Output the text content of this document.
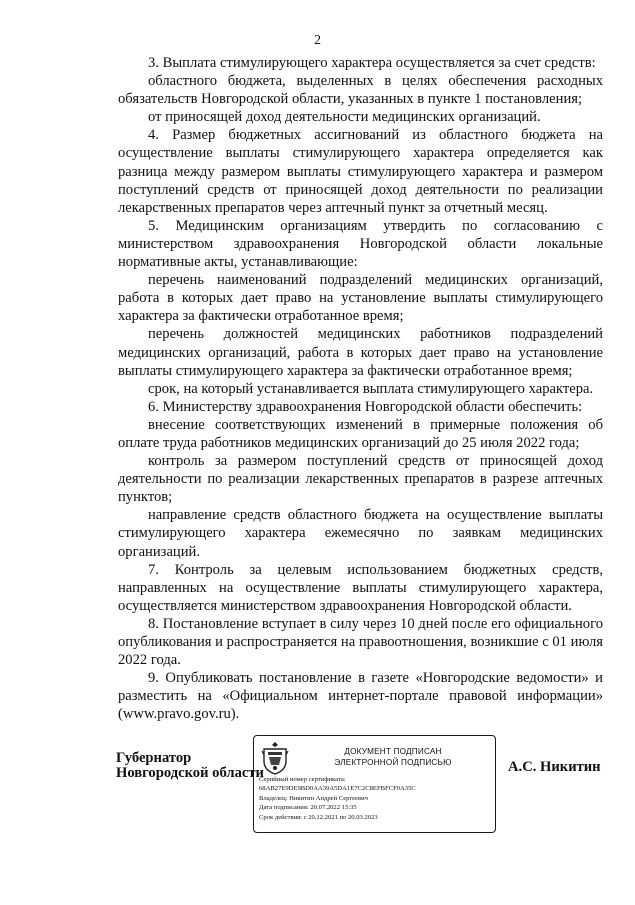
2

3. Выплата стимулирующего характера осуществляется за счет средств:

областного бюджета, выделенных в целях обеспечения расходных обязательств Новгородской области, указанных в пункте 1 постановления;

от приносящей доход деятельности медицинских организаций.

4. Размер бюджетных ассигнований из областного бюджета на осуществление выплаты стимулирующего характера определяется как разница между размером выплаты стимулирующего характера и размером поступлений средств от приносящей доход деятельности по реализации лекарственных препаратов через аптечный пункт за отчетный месяц.

5. Медицинским организациям утвердить по согласованию с министерством здравоохранения Новгородской области локальные нормативные акты, устанавливающие:

перечень наименований подразделений медицинских организаций, работа в которых дает право на установление выплаты стимулирующего характера за фактически отработанное время;

перечень должностей медицинских работников подразделений медицинских организаций, работа в которых дает право на установление выплаты стимулирующего характера за фактически отработанное время;

срок, на который устанавливается выплата стимулирующего характера.

6. Министерству здравоохранения Новгородской области обеспечить:

внесение соответствующих изменений в примерные положения об оплате труда работников медицинских организаций до 25 июля 2022 года;

контроль за размером поступлений средств от приносящей доход деятельности по реализации лекарственных препаратов в разрезе аптечных пунктов;

направление средств областного бюджета на осуществление выплаты стимулирующего характера ежемесячно по заявкам медицинских организаций.

7. Контроль за целевым использованием бюджетных средств, направленных на осуществление выплаты стимулирующего характера, осуществляется министерством здравоохранения Новгородской области.

8. Постановление вступает в силу через 10 дней после его официального опубликования и распространяется на правоотношения, возникшие с 01 июля 2022 года.

9. Опубликовать постановление в газете «Новгородские ведомости» и разместить на «Официальном интернет-портале правовой информации» (www.pravo.gov.ru).

Губернатор
Новгородской области
ДОКУМЕНТ ПОДПИСАН
ЭЛЕКТРОННОЙ ПОДПИСЬЮ
Серийный номер сертификата:
68AB27E9DE9BD0AA39A5DA1E7C2C8EFBFCF0A35C
Владелец: Никитин Андрей Сергеевич
Дата подписания: 20.07.2022 15:35
Срок действия: с 20.12.2021 по 20.03.2023
А.С. Никитин
